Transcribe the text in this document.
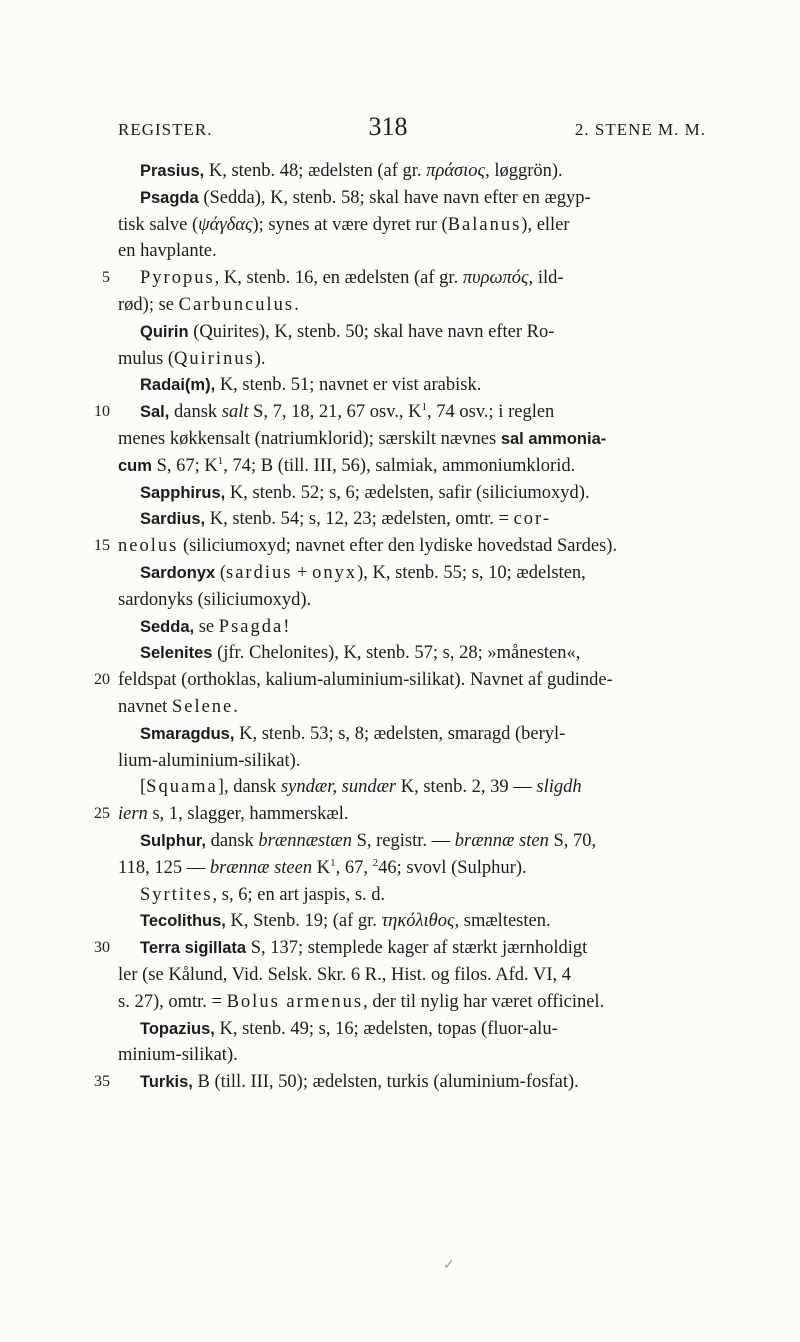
REGISTER.	318	2. STENE M. M.
Prasius, K, stenb. 48; ædelsten (af gr. πράσιος, løggrön).
Psagda (Sedda), K, stenb. 58; skal have navn efter en ægyp-
tisk salve (ψάγδας); synes at være dyret rur (Balanus), eller
en havplante.
5 Pyropus, K, stenb. 16, en ædelsten (af gr. πυρωπός, ild-
rød); se Carbunculus.
Quirin (Quirites), K, stenb. 50; skal have navn efter Ro-
mulus (Quirinus).
Radai(m), K, stenb. 51; navnet er vist arabisk.
10 Sal, dansk salt S, 7, 18, 21, 67 osv., $K^1$, 74 osv.; i reglen
menes køkkensalt (natriumklorid); særskilt nævnes sal ammonia-
cum S, 67; $K^1$, 74; B (till. III, 56), salmiak, ammoniumklorid.
Sapphirus, K, stenb. 52; s, 6; ædelsten, safir (siliciumoxyd).
Sardius, K, stenb. 54; s, 12, 23; ædelsten, omtr. = cor-
15 neolus (siliciumoxyd; navnet efter den lydiske hovedstad Sardes).
Sardonyx (sardius + onyx), K, stenb. 55; s, 10; ædelsten,
sardonyks (siliciumoxyd).
Sedda, se Psagda!
Selenites (jfr. Chelonites), K, stenb. 57; s, 28; »månesten«,
20 feldspat (orthoklas, kalium-aluminium-silikat). Navnet af gudinde-
navnet Selene.
Smaragdus, K, stenb. 53; s, 8; ædelsten, smaragd (beryl-
lium-aluminium-silikat).
[Squama], dansk syndær, sundær K, stenb. 2, 39 — sligdh
25 iern s, 1, slagger, hammerskæl.
Sulphur, dansk brænnæstæn S, registr. — brænnæ sten S, 70,
118, 125 — brænnæ steen $K^1$, 67, $^2$46; svovl (Sulphur).
Syrtites, s, 6; en art jaspis, s. d.
Tecolithus, K, Stenb. 19; (af gr. τηκόλιθος, smæltesten.
30 Terra sigillata S, 137; stemplede kager af stærkt jærnholdigt
ler (se Kålund, Vid. Selsk. Skr. 6 R., Hist. og filos. Afd. VI, 4
s. 27), omtr. = Bolus armenus, der til nylig har været officinel.
Topazius, K, stenb. 49; s, 16; ædelsten, topas (fluor-alu-
minium-silikat).
35 Turkis, B (till. III, 50); ædelsten, turkis (aluminium-fosfat).
✓
